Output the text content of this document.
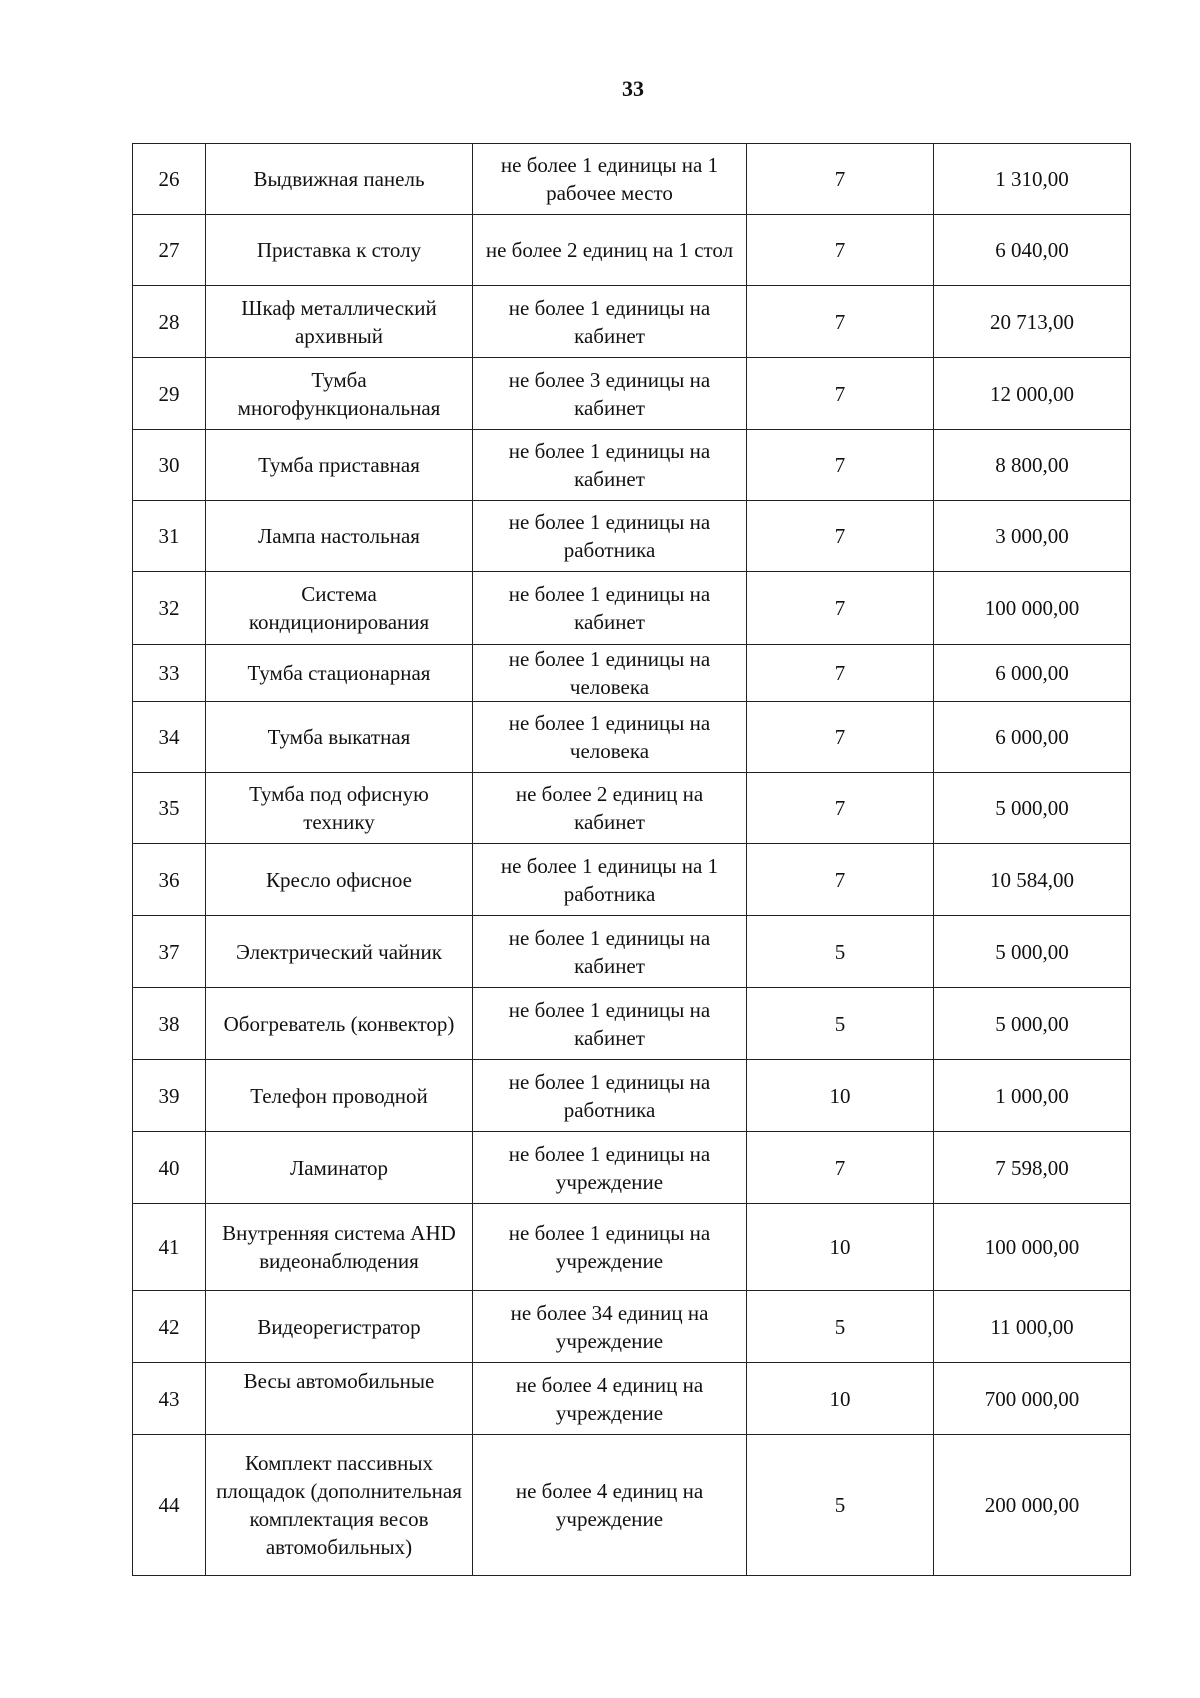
33
26	Выдвижная панель	не более 1 единицы на 1 рабочее место	7	1 310,00
27	Приставка к столу	не более 2 единиц на 1 стол	7	6 040,00
28	Шкаф металлический архивный	не более 1 единицы на кабинет	7	20 713,00
29	Тумба многофункциональная	не более 3 единицы на кабинет	7	12 000,00
30	Тумба приставная	не более 1 единицы на кабинет	7	8 800,00
31	Лампа настольная	не более 1 единицы на работника	7	3 000,00
32	Система кондиционирования	не более 1 единицы на кабинет	7	100 000,00
33	Тумба стационарная	не более 1 единицы на человека	7	6 000,00
34	Тумба выкатная	не более 1 единицы на человека	7	6 000,00
35	Тумба под офисную технику	не более 2 единиц на кабинет	7	5 000,00
36	Кресло офисное	не более 1 единицы на 1 работника	7	10 584,00
37	Электрический чайник	не более 1 единицы на кабинет	5	5 000,00
38	Обогреватель (конвектор)	не более 1 единицы на кабинет	5	5 000,00
39	Телефон проводной	не более 1 единицы на работника	10	1 000,00
40	Ламинатор	не более 1 единицы на учреждение	7	7 598,00
41	Внутренняя система AHD видеонаблюдения	не более 1 единицы на учреждение	10	100 000,00
42	Видеорегистратор	не более 34 единиц на учреждение	5	11 000,00
43	Весы автомобильные	не более 4 единиц на учреждение	10	700 000,00
44	Комплект пассивных площадок (дополнительная комплектация весов автомобильных)	не более 4 единиц на учреждение	5	200 000,00
